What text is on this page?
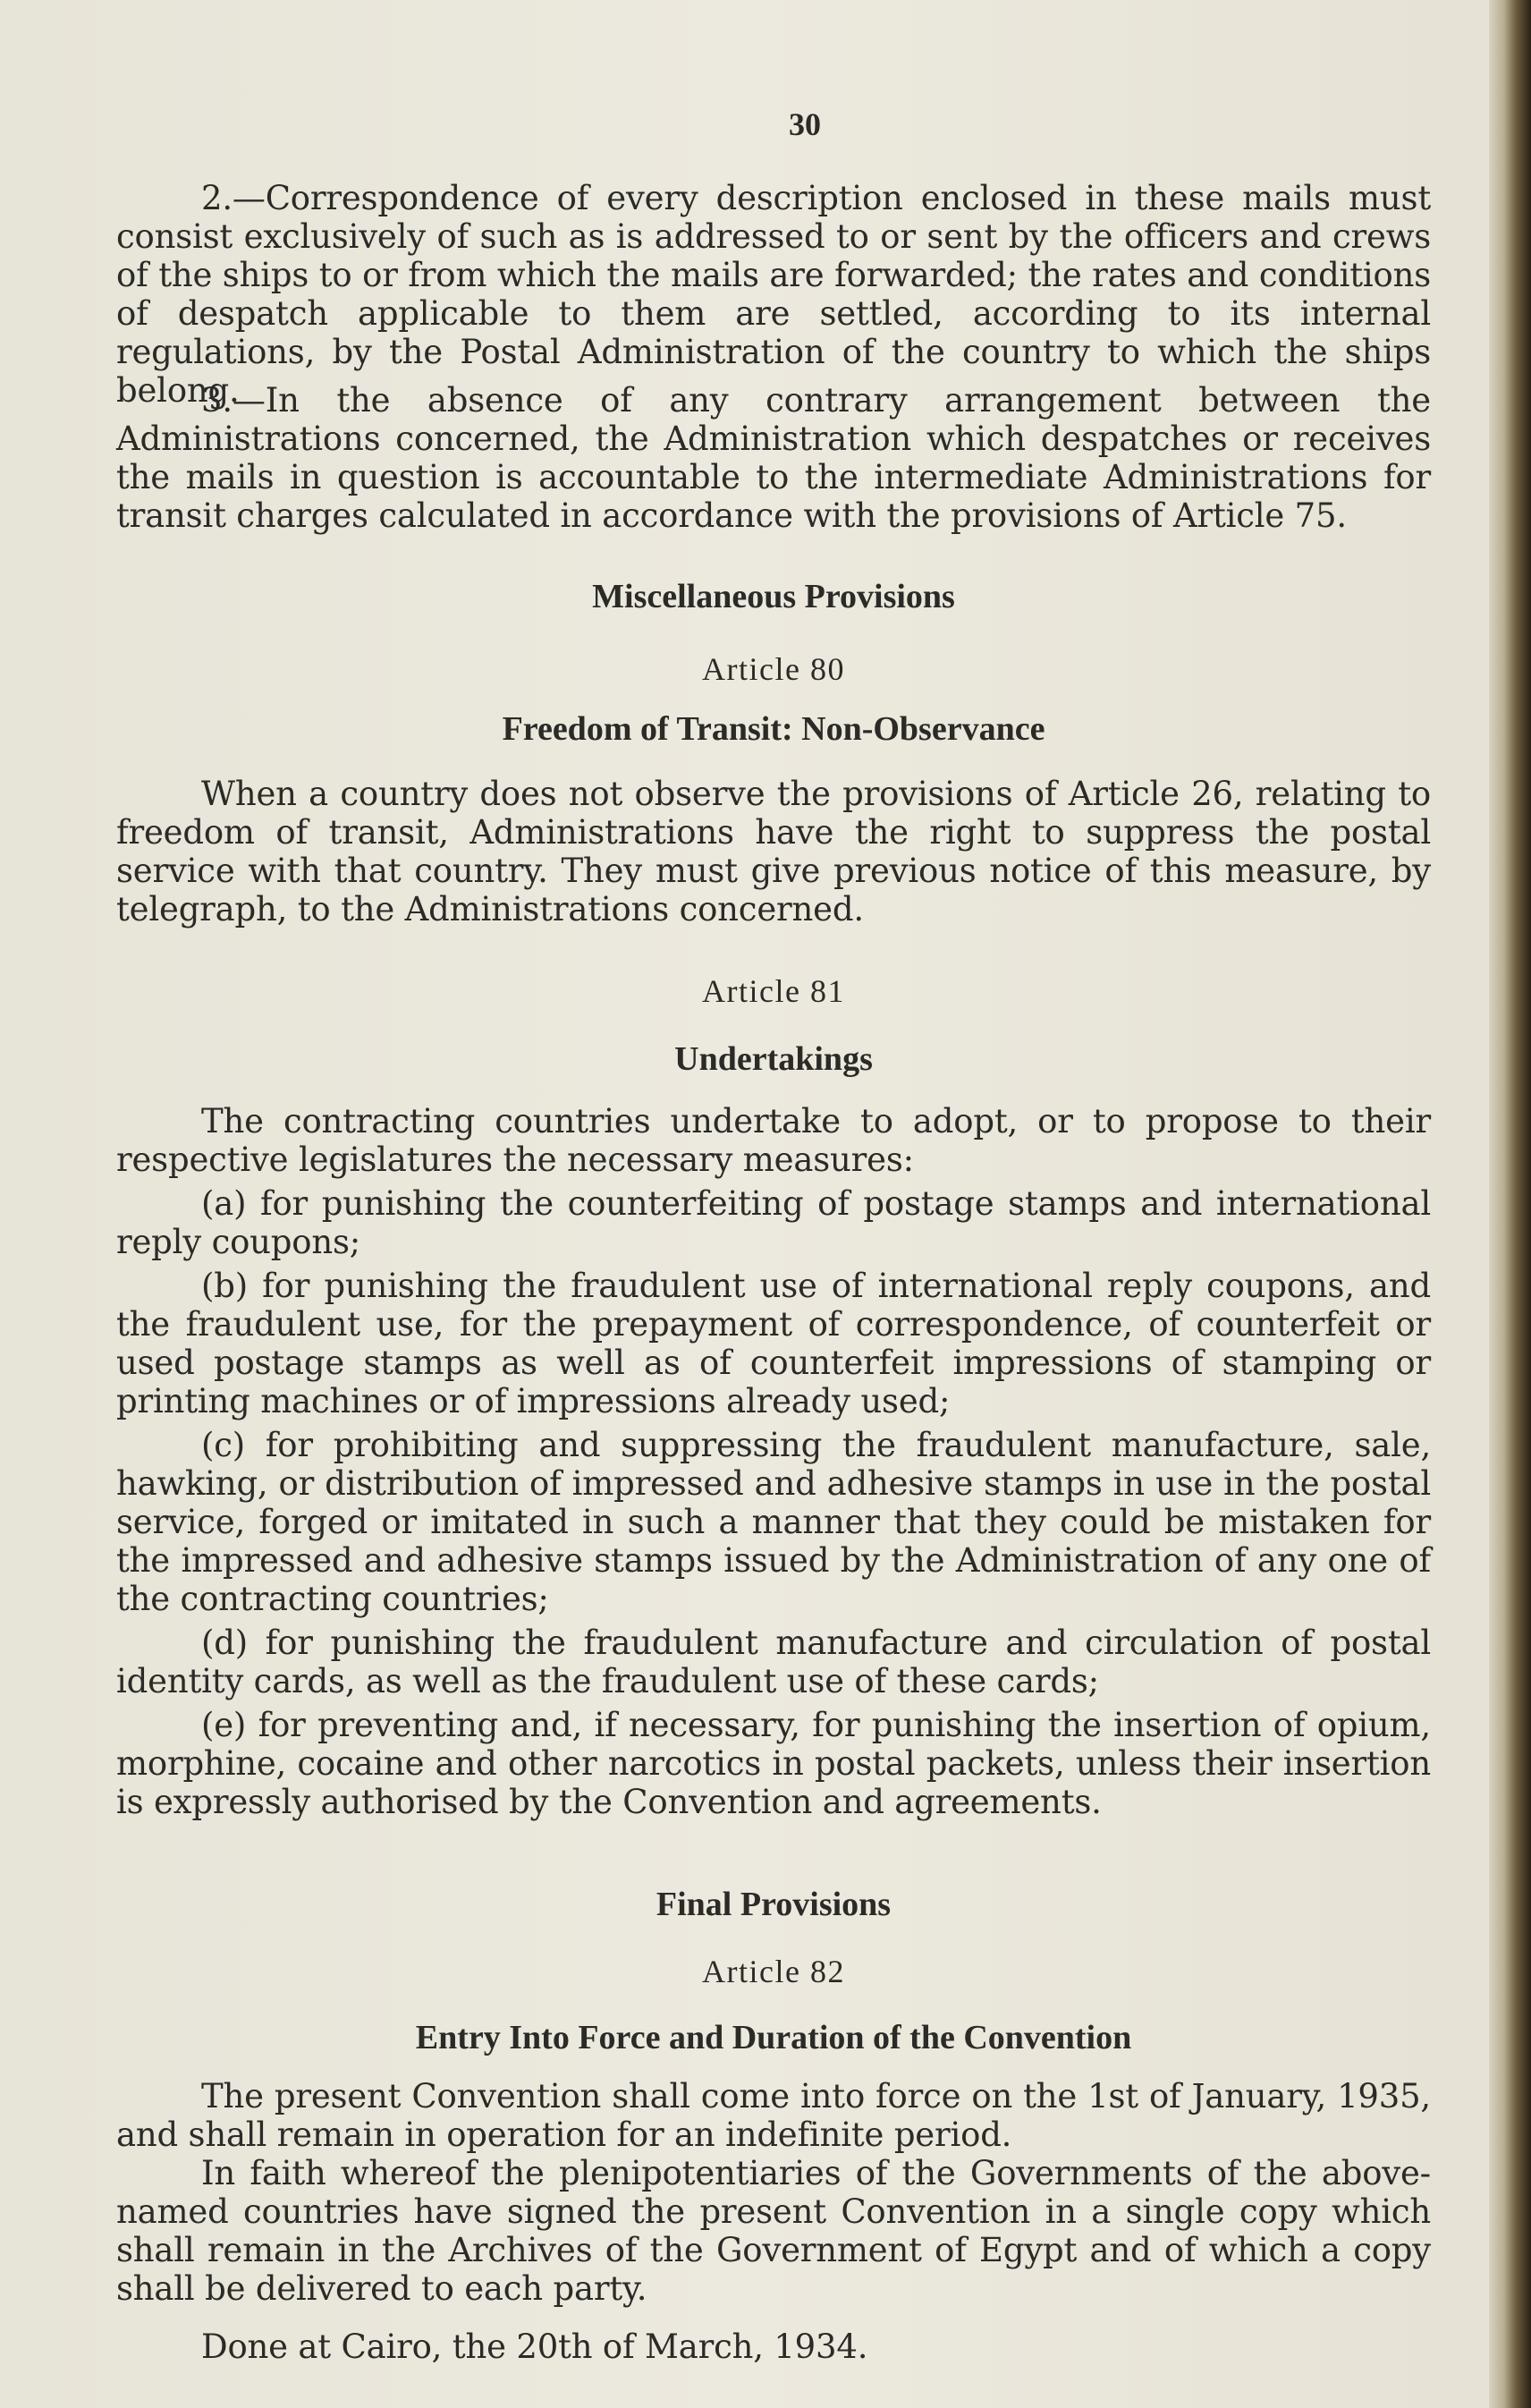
30

2.—Correspondence of every description enclosed in these mails must consist exclusively of such as is addressed to or sent by the officers and crews of the ships to or from which the mails are forwarded; the rates and conditions of despatch applicable to them are settled, according to its internal regulations, by the Postal Administration of the country to which the ships belong.

3.—In the absence of any contrary arrangement between the Administrations concerned, the Administration which despatches or receives the mails in question is accountable to the intermediate Administrations for transit charges calculated in accordance with the provisions of Article 75.

Miscellaneous Provisions
Article 80
Freedom of Transit: Non-Observance

When a country does not observe the provisions of Article 26, relating to freedom of transit, Administrations have the right to suppress the postal service with that country. They must give previous notice of this measure, by telegraph, to the Administrations concerned.

Article 81
Undertakings

The contracting countries undertake to adopt, or to propose to their respective legislatures the necessary measures:

(a) for punishing the counterfeiting of postage stamps and international reply coupons;

(b) for punishing the fraudulent use of international reply coupons, and the fraudulent use, for the prepayment of correspondence, of counterfeit or used postage stamps as well as of counterfeit impressions of stamping or printing machines or of impressions already used;

(c) for prohibiting and suppressing the fraudulent manufacture, sale, hawking, or distribution of impressed and adhesive stamps in use in the postal service, forged or imitated in such a manner that they could be mistaken for the impressed and adhesive stamps issued by the Administration of any one of the contracting countries;

(d) for punishing the fraudulent manufacture and circulation of postal identity cards, as well as the fraudulent use of these cards;

(e) for preventing and, if necessary, for punishing the insertion of opium, morphine, cocaine and other narcotics in postal packets, unless their insertion is expressly authorised by the Convention and agreements.

Final Provisions
Article 82
Entry Into Force and Duration of the Convention

The present Convention shall come into force on the 1st of January, 1935, and shall remain in operation for an indefinite period.

In faith whereof the plenipotentiaries of the Governments of the above-named countries have signed the present Convention in a single copy which shall remain in the Archives of the Government of Egypt and of which a copy shall be delivered to each party.

Done at Cairo, the 20th of March, 1934.
